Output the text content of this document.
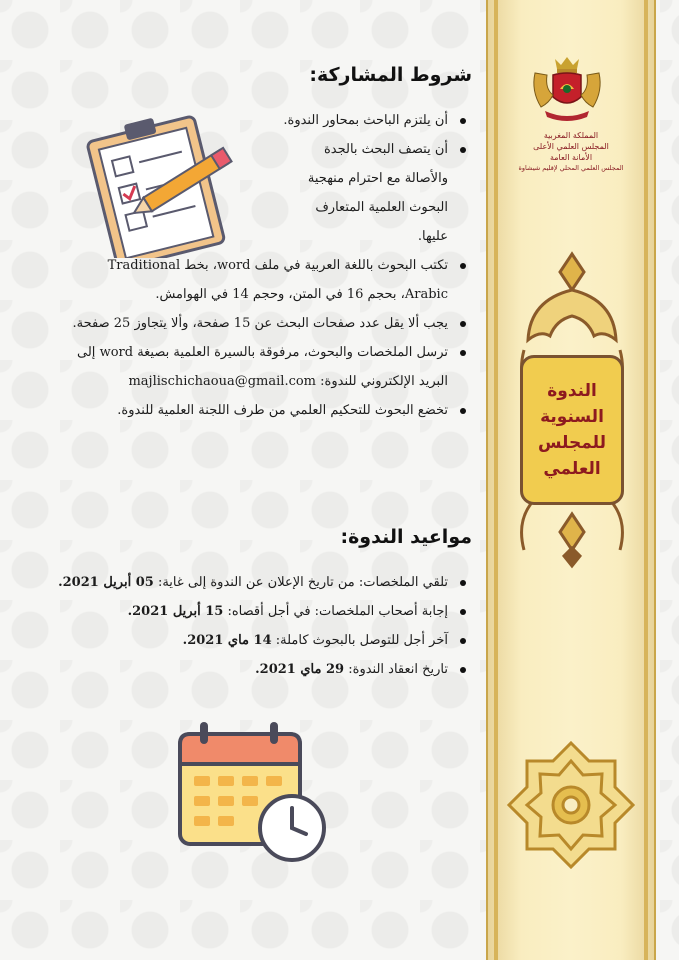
المملكة المغربية
المجلس العلمي الأعلى
الأمانة العامة
المجلس العلمي المحلي لإقليم شيشاوة
الندوة
السنوية
للمجلس
العلمي
شروط المشاركة:
أن يلتزم الباحث بمحاور الندوة.
أن يتصف البحث بالجدة
والأصالة مع احترام منهجية
البحوث العلمية المتعارف
عليها.
تكتب البحوث باللغة العربية في ملف word، بخط Traditional
Arabic، بحجم 16 في المتن، وحجم 14 في الهوامش.
يجب ألا يقل عدد صفحات البحث عن 15 صفحة، وألا يتجاوز 25 صفحة.
ترسل الملخصات والبحوث، مرفوقة بالسيرة العلمية بصيغة word إلى
البريد الإلكتروني للندوة: majlischichaoua@gmail.com
تخضع البحوث للتحكيم العلمي من طرف اللجنة العلمية للندوة.
مواعيد الندوة:
تلقي الملخصات: من تاريخ الإعلان عن الندوة إلى غاية: 05 أبريل 2021.
إجابة أصحاب الملخصات: في أجل أقصاه: 15 أبريل 2021.
آخر أجل للتوصل بالبحوث كاملة: 14 ماي 2021.
تاريخ انعقاد الندوة: 29 ماي 2021.
